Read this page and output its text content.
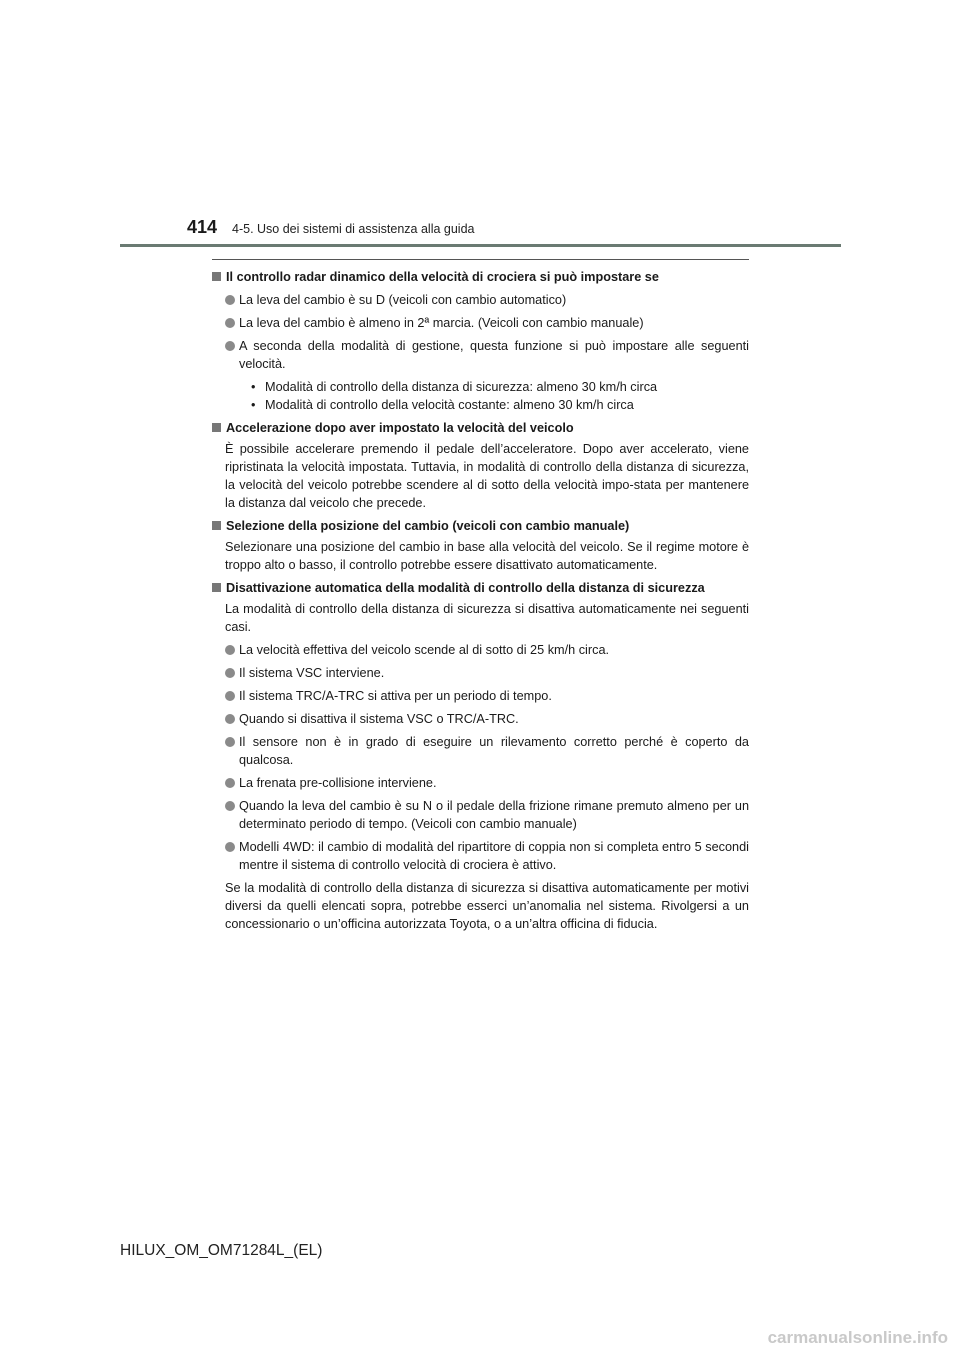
414 4-5. Uso dei sistemi di assistenza alla guida
Il controllo radar dinamico della velocità di crociera si può impostare se
La leva del cambio è su D (veicoli con cambio automatico)
La leva del cambio è almeno in 2ª marcia. (Veicoli con cambio manuale)
A seconda della modalità di gestione, questa funzione si può impostare alle seguenti velocità.
• Modalità di controllo della distanza di sicurezza: almeno 30 km/h circa
• Modalità di controllo della velocità costante: almeno 30 km/h circa
Accelerazione dopo aver impostato la velocità del veicolo

È possibile accelerare premendo il pedale dell’acceleratore. Dopo aver accelerato, viene ripristinata la velocità impostata. Tuttavia, in modalità di controllo della distanza di sicurezza, la velocità del veicolo potrebbe scendere al di sotto della velocità impo-stata per mantenere la distanza dal veicolo che precede.

Selezione della posizione del cambio (veicoli con cambio manuale)

Selezionare una posizione del cambio in base alla velocità del veicolo. Se il regime motore è troppo alto o basso, il controllo potrebbe essere disattivato automaticamente.

Disattivazione automatica della modalità di controllo della distanza di sicurezza

La modalità di controllo della distanza di sicurezza si disattiva automaticamente nei seguenti casi.

La velocità effettiva del veicolo scende al di sotto di 25 km/h circa.
Il sistema VSC interviene.
Il sistema TRC/A-TRC si attiva per un periodo di tempo.
Quando si disattiva il sistema VSC o TRC/A-TRC.
Il sensore non è in grado di eseguire un rilevamento corretto perché è coperto da qualcosa.
La frenata pre-collisione interviene.
Quando la leva del cambio è su N o il pedale della frizione rimane premuto almeno per un determinato periodo di tempo. (Veicoli con cambio manuale)
Modelli 4WD: il cambio di modalità del ripartitore di coppia non si completa entro 5 secondi mentre il sistema di controllo velocità di crociera è attivo.

Se la modalità di controllo della distanza di sicurezza si disattiva automaticamente per motivi diversi da quelli elencati sopra, potrebbe esserci un’anomalia nel sistema. Rivolgersi a un concessionario o un’officina autorizzata Toyota, o a un’altra officina di fiducia.

HILUX_OM_OM71284L_(EL)
carmanualsonline.info
